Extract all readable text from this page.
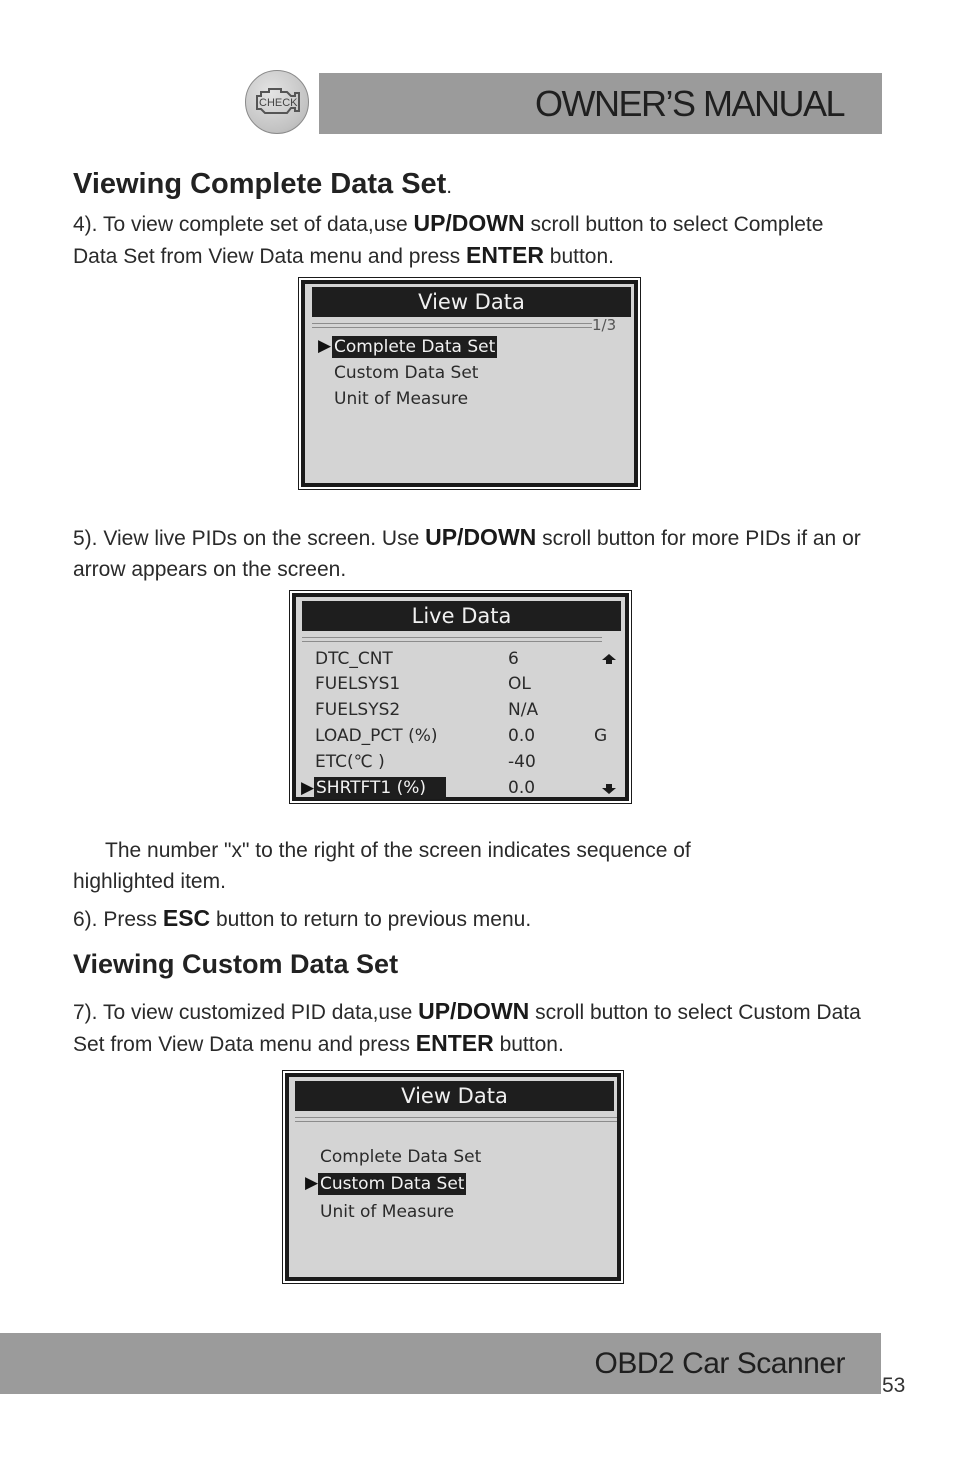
CHECK	OWNER’S MANUAL
Viewing Complete Data Set.
4). To view complete set of data,use UP/DOWN scroll button to select Complete Data Set from View Data menu and press ENTER button.
View Data
1/3
▶ Complete Data Set
Custom Data Set
Unit of Measure
5). View live PIDs on the screen. Use UP/DOWN scroll button for more PIDs if an or arrow appears on the screen.
Live Data
DTC_CNT	6
FUELSYS1	OL
FUELSYS2	N/A
LOAD_PCT (%)	0.0	G
ETC(℃ )	-40
▶ SHRTFT1 (%)	0.0
The number "x" to the right of the screen indicates sequence of highlighted item.
6). Press ESC button to return to previous menu.
Viewing Custom Data Set
7). To view customized PID data,use UP/DOWN scroll button to select Custom Data Set from View Data menu and press ENTER button.
View Data
Complete Data Set
▶ Custom Data Set
Unit of Measure
OBD2 Car Scanner
53
